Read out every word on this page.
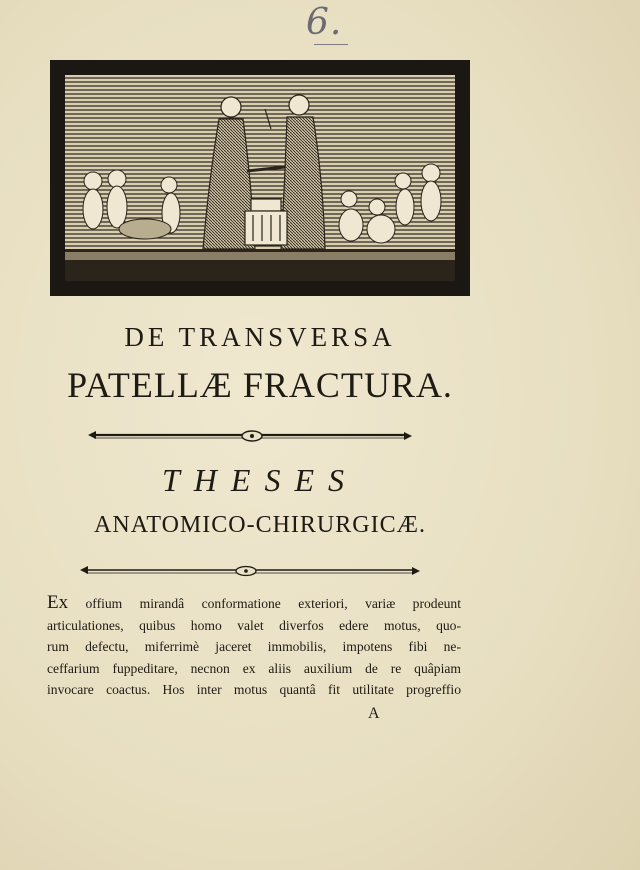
6.
DE TRANSVERSA
PATELLÆ FRACTURA.
THESES
ANATOMICO-CHIRURGICÆ.
Ex offium mirandâ conformatione exteriori, variæ prodeunt
articulationes, quibus homo valet diverfos edere motus, quo-
rum defectu, miferrimè jaceret immobilis, impotens fibi ne-
ceffarium fuppeditare, necnon ex aliis auxilium de re quâpiam
invocare coactus. Hos inter motus quantâ fit utilitate progreffio
A
